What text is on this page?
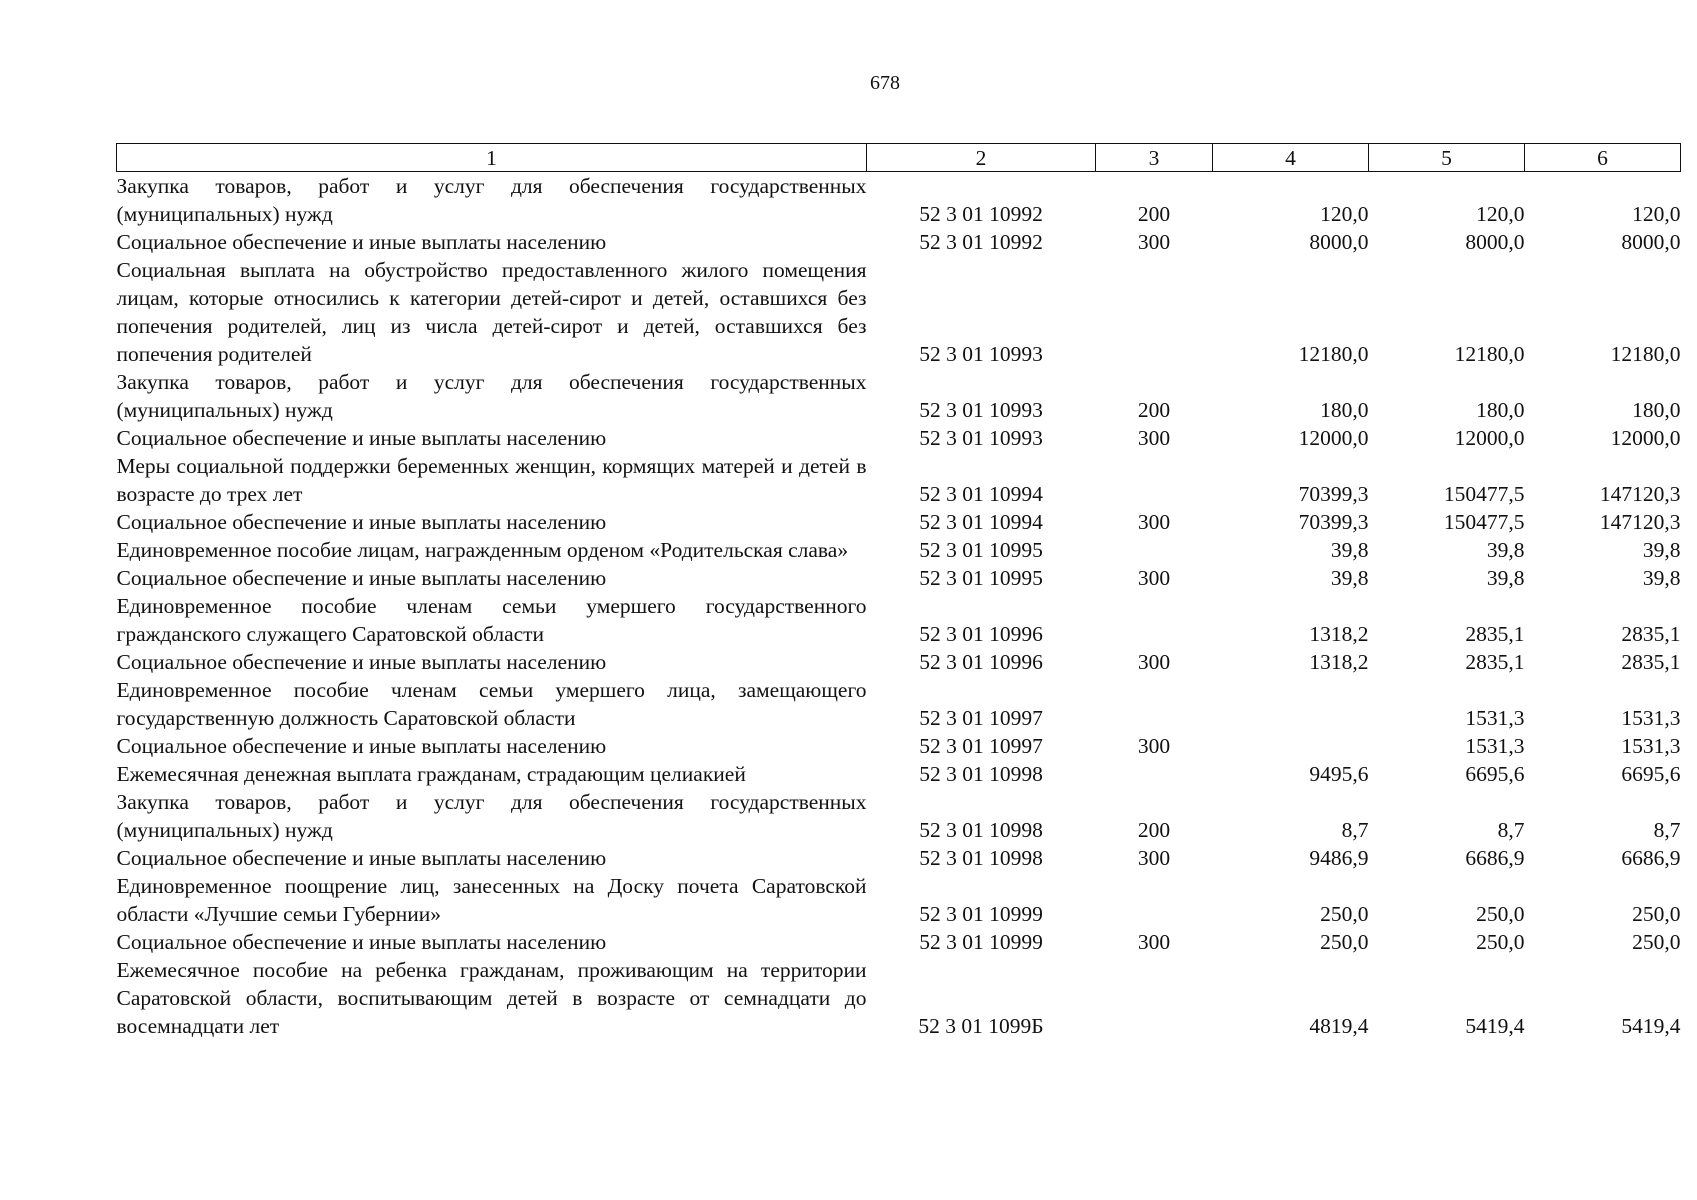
678
1	2	3	4	5	6
Закупка товаров, работ и услуг для обеспечения государственных (муниципальных) нужд	52 3 01 10992	200	120,0	120,0	120,0
Социальное обеспечение и иные выплаты населению	52 3 01 10992	300	8000,0	8000,0	8000,0
Социальная выплата на обустройство предоставленного жилого помещения лицам, которые относились к категории детей-сирот и детей, оставшихся без попечения родителей, лиц из числа детей-сирот и детей, оставшихся без попечения родителей	52 3 01 10993		12180,0	12180,0	12180,0
Закупка товаров, работ и услуг для обеспечения государственных (муниципальных) нужд	52 3 01 10993	200	180,0	180,0	180,0
Социальное обеспечение и иные выплаты населению	52 3 01 10993	300	12000,0	12000,0	12000,0
Меры социальной поддержки беременных женщин, кормящих матерей и детей в возрасте до трех лет	52 3 01 10994		70399,3	150477,5	147120,3
Социальное обеспечение и иные выплаты населению	52 3 01 10994	300	70399,3	150477,5	147120,3
Единовременное пособие лицам, награжденным орденом «Родительская слава»	52 3 01 10995		39,8	39,8	39,8
Социальное обеспечение и иные выплаты населению	52 3 01 10995	300	39,8	39,8	39,8
Единовременное пособие членам семьи умершего государственного гражданского служащего Саратовской области	52 3 01 10996		1318,2	2835,1	2835,1
Социальное обеспечение и иные выплаты населению	52 3 01 10996	300	1318,2	2835,1	2835,1
Единовременное пособие членам семьи умершего лица, замещающего государственную должность Саратовской области	52 3 01 10997			1531,3	1531,3
Социальное обеспечение и иные выплаты населению	52 3 01 10997	300		1531,3	1531,3
Ежемесячная денежная выплата гражданам, страдающим целиакией	52 3 01 10998		9495,6	6695,6	6695,6
Закупка товаров, работ и услуг для обеспечения государственных (муниципальных) нужд	52 3 01 10998	200	8,7	8,7	8,7
Социальное обеспечение и иные выплаты населению	52 3 01 10998	300	9486,9	6686,9	6686,9
Единовременное поощрение лиц, занесенных на Доску почета Саратовской области «Лучшие семьи Губернии»	52 3 01 10999		250,0	250,0	250,0
Социальное обеспечение и иные выплаты населению	52 3 01 10999	300	250,0	250,0	250,0
Ежемесячное пособие на ребенка гражданам, проживающим на территории Саратовской области, воспитывающим детей в возрасте от семнадцати до восемнадцати лет	52 3 01 1099Б		4819,4	5419,4	5419,4
